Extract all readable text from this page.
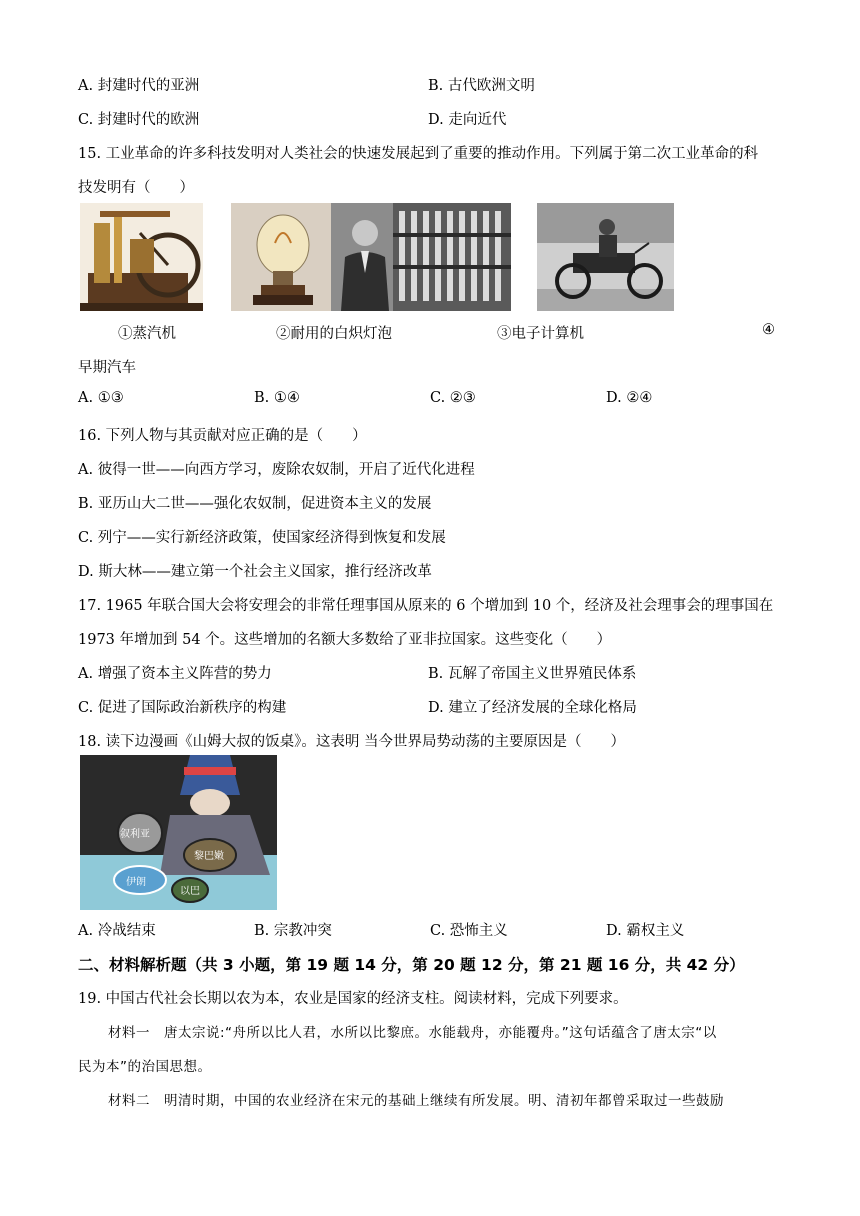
A. 封建时代的亚洲	B. 古代欧洲文明
C. 封建时代的欧洲	D. 走向近代
15. 工业革命的许多科技发明对人类社会的快速发展起到了重要的推动作用。下列属于第二次工业革命的科
技发明有（　　）
①蒸汽机	②耐用的白炽灯泡	③电子计算机	④
早期汽车
A. ①③	B. ①④	C. ②③	D. ②④
16. 下列人物与其贡献对应正确的是（　　）
A. 彼得一世——向西方学习，废除农奴制，开启了近代化进程
B. 亚历山大二世——强化农奴制，促进资本主义的发展
C. 列宁——实行新经济政策，使国家经济得到恢复和发展
D. 斯大林——建立第一个社会主义国家，推行经济改革
17. 1965 年联合国大会将安理会的非常任理事国从原来的 6 个增加到 10 个，经济及社会理事会的理事国在
1973 年增加到 54 个。这些增加的名额大多数给了亚非拉国家。这些变化（　　）
A. 增强了资本主义阵营的势力	B. 瓦解了帝国主义世界殖民体系
C. 促进了国际政治新秩序的构建	D. 建立了经济发展的全球化格局
18. 读下边漫画《山姆大叔的饭桌》。这表明 当今世界局势动荡的主要原因是（　　）
叙利亚
黎巴嫩
伊朗
以巴
A. 冷战结束	B. 宗教冲突	C. 恐怖主义	D. 霸权主义
二、材料解析题（共 3 小题，第 19 题 14 分，第 20 题 12 分，第 21 题 16 分，共 42 分）
19. 中国古代社会长期以农为本，农业是国家的经济支柱。阅读材料，完成下列要求。
材料一　唐太宗说:“舟所以比人君，水所以比黎庶。水能载舟，亦能覆舟。”这句话蕴含了唐太宗“以
民为本”的治国思想。
材料二　明清时期，中国的农业经济在宋元的基础上继续有所发展。明、清初年都曾采取过一些鼓励
